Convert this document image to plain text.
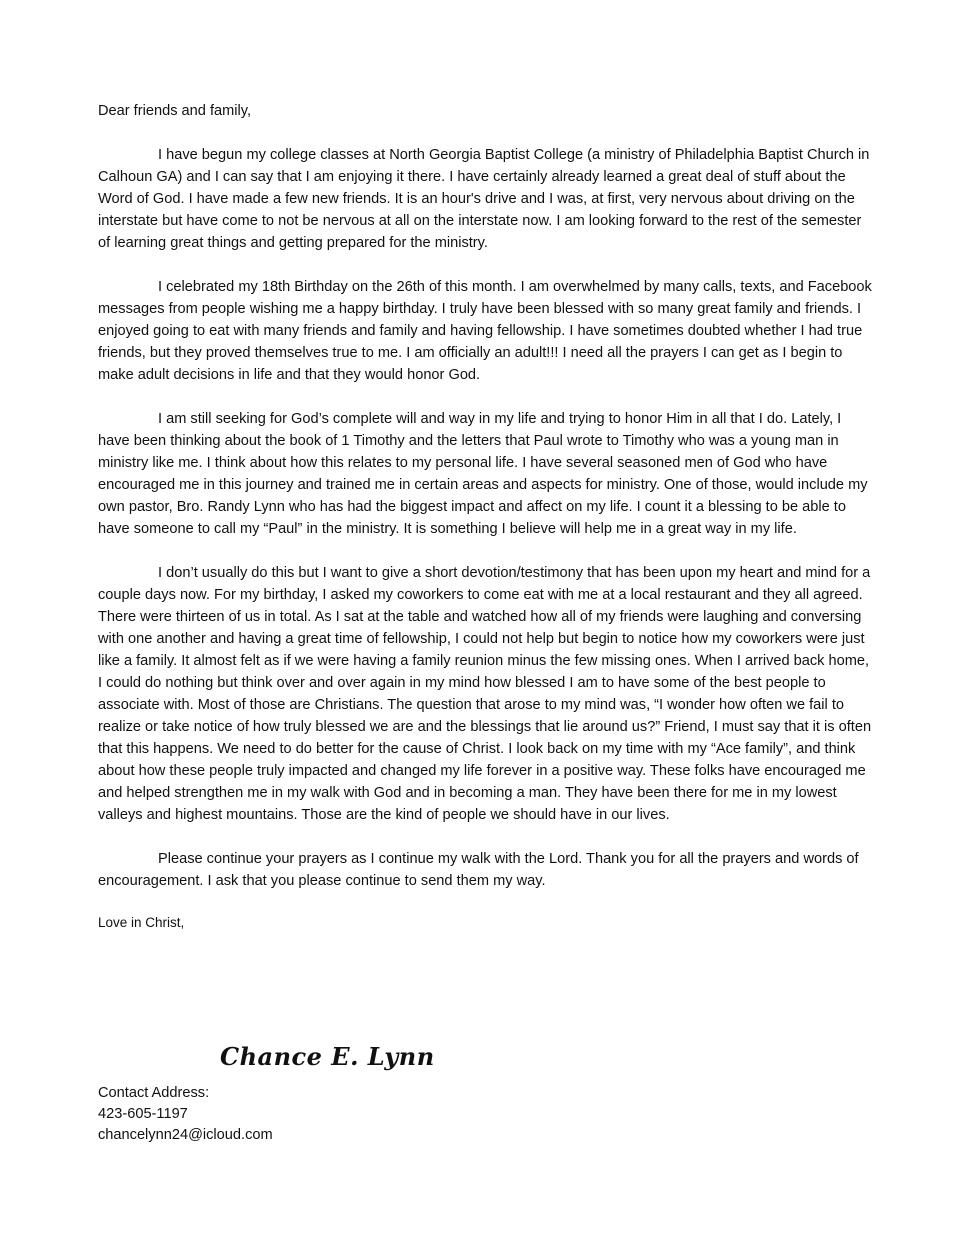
Dear friends and family,

I have begun my college classes at North Georgia Baptist College (a ministry of Philadelphia Baptist Church in Calhoun GA) and I can say that I am enjoying it there. I have certainly already learned a great deal of stuff about the Word of God. I have made a few new friends. It is an hour's drive and I was, at first, very nervous about driving on the interstate but have come to not be nervous at all on the interstate now. I am looking forward to the rest of the semester of learning great things and getting prepared for the ministry.

I celebrated my 18th Birthday on the 26th of this month. I am overwhelmed by many calls, texts, and Facebook messages from people wishing me a happy birthday. I truly have been blessed with so many great family and friends. I enjoyed going to eat with many friends and family and having fellowship. I have sometimes doubted whether I had true friends, but they proved themselves true to me. I am officially an adult!!! I need all the prayers I can get as I begin to make adult decisions in life and that they would honor God.

I am still seeking for God’s complete will and way in my life and trying to honor Him in all that I do. Lately, I have been thinking about the book of 1 Timothy and the letters that Paul wrote to Timothy who was a young man in ministry like me. I think about how this relates to my personal life. I have several seasoned men of God who have encouraged me in this journey and trained me in certain areas and aspects for ministry. One of those, would include my own pastor, Bro. Randy Lynn who has had the biggest impact and affect on my life. I count it a blessing to be able to have someone to call my “Paul” in the ministry. It is something I believe will help me in a great way in my life.

I don’t usually do this but I want to give a short devotion/testimony that has been upon my heart and mind for a couple days now. For my birthday, I asked my coworkers to come eat with me at a local restaurant and they all agreed. There were thirteen of us in total. As I sat at the table and watched how all of my friends were laughing and conversing with one another and having a great time of fellowship, I could not help but begin to notice how my coworkers were just like a family. It almost felt as if we were having a family reunion minus the few missing ones. When I arrived back home, I could do nothing but think over and over again in my mind how blessed I am to have some of the best people to associate with. Most of those are Christians. The question that arose to my mind was, “I wonder how often we fail to realize or take notice of how truly blessed we are and the blessings that lie around us?” Friend, I must say that it is often that this happens. We need to do better for the cause of Christ. I look back on my time with my “Ace family”, and think about how these people truly impacted and changed my life forever in a positive way. These folks have encouraged me and helped strengthen me in my walk with God and in becoming a man. They have been there for me in my lowest valleys and highest mountains. Those are the kind of people we should have in our lives.

Please continue your prayers as I continue my walk with the Lord. Thank you for all the prayers and words of encouragement. I ask that you please continue to send them my way.

Love in Christ,

Chance E. Lynn
Contact Address:
423-605-1197
chancelynn24@icloud.com
